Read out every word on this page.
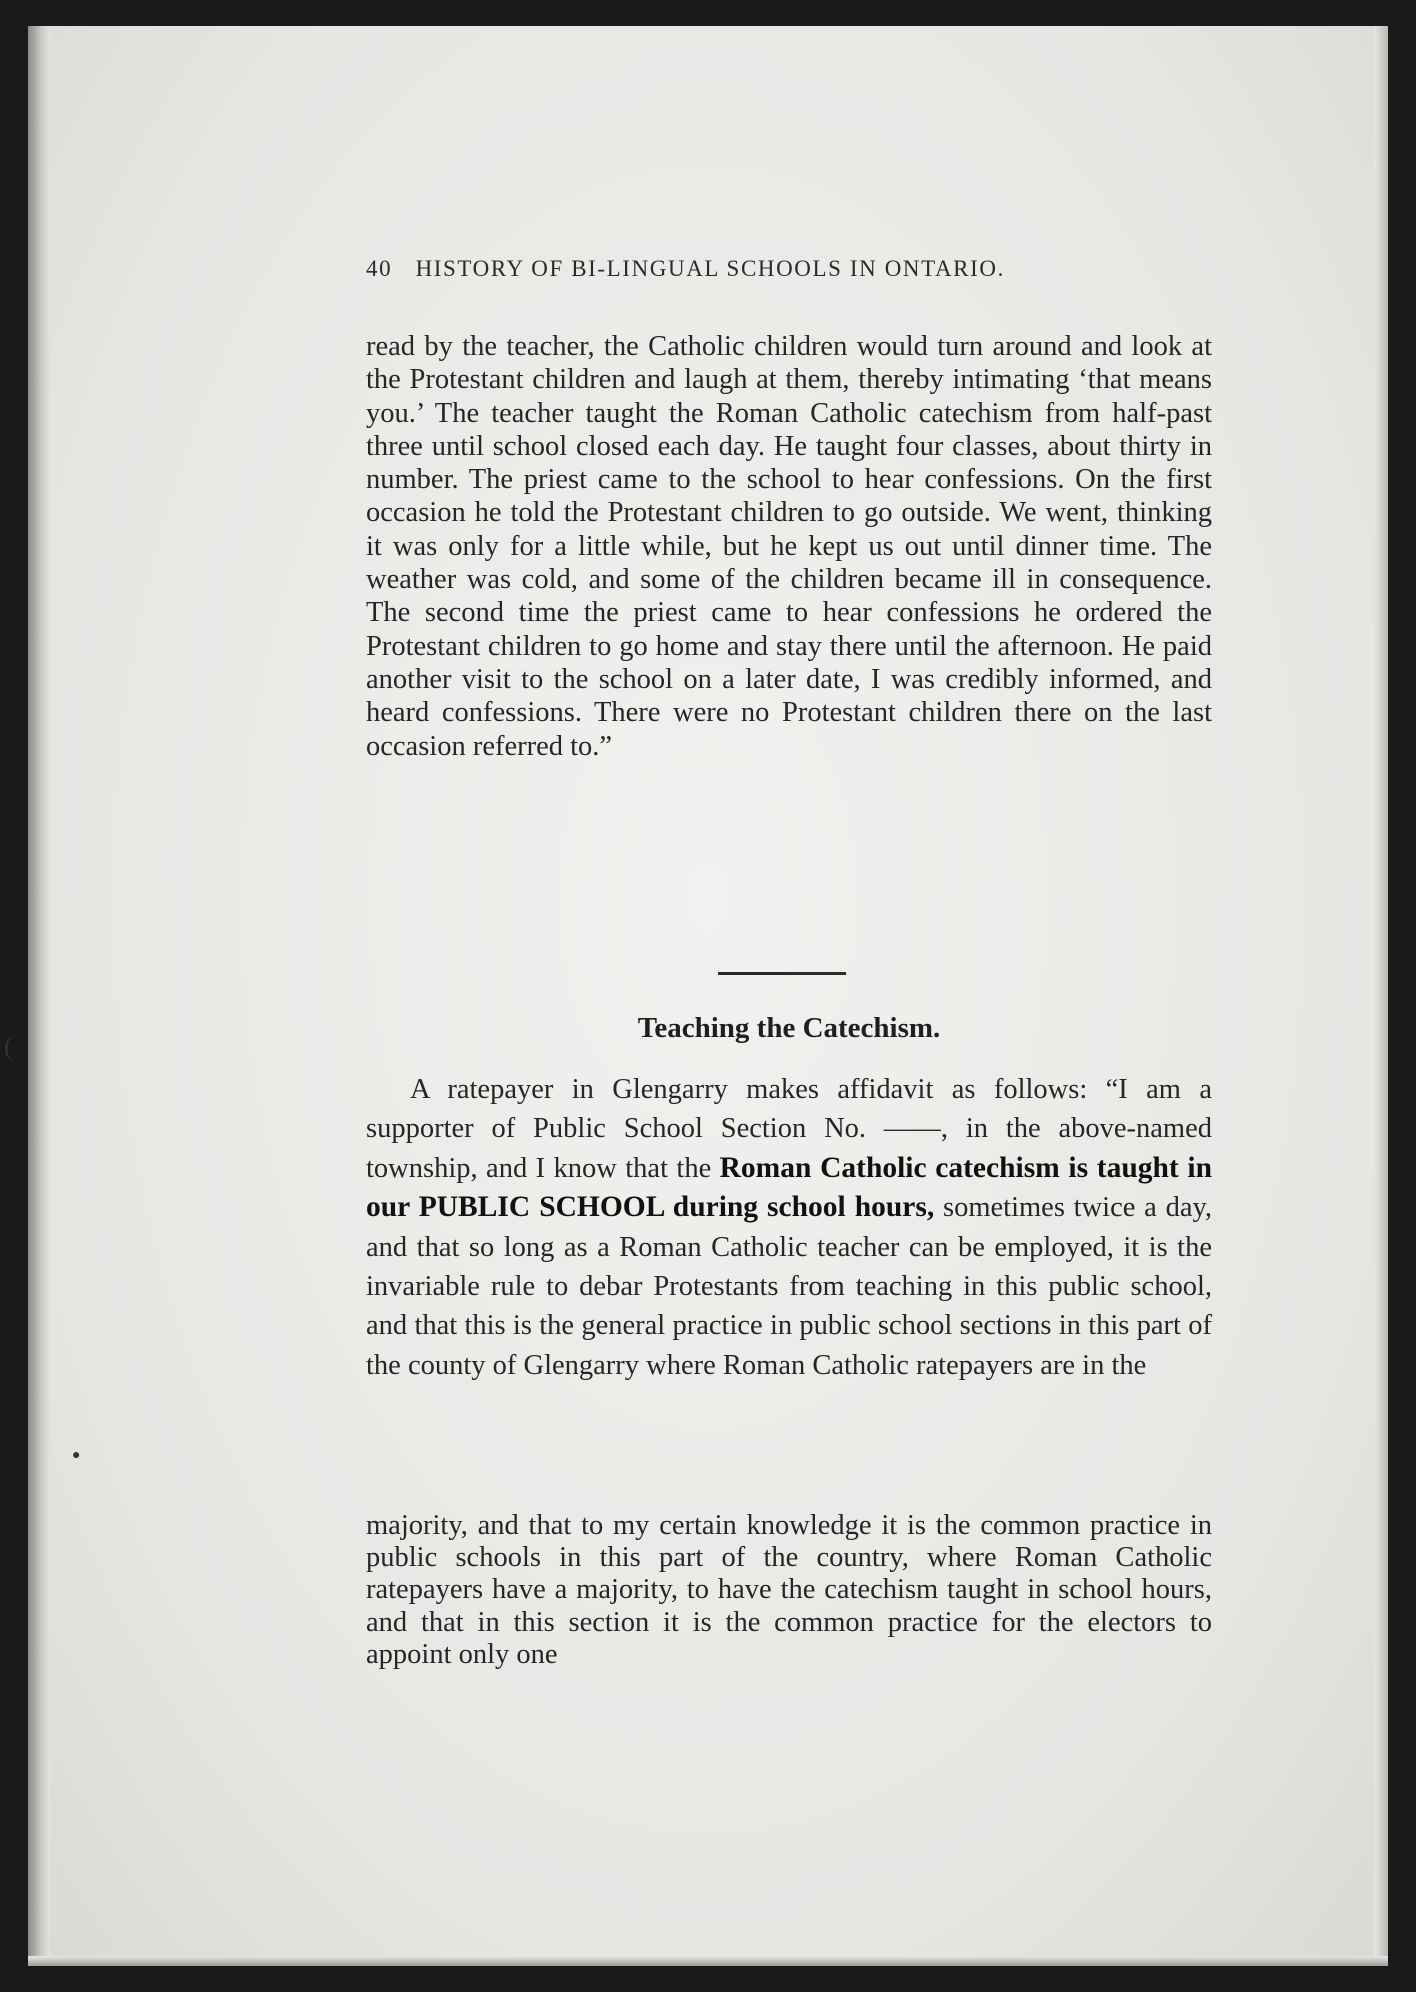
40 HISTORY OF BI-LINGUAL SCHOOLS IN ONTARIO.

read by the teacher, the Catholic children would turn around and look at the Protestant children and laugh at them, thereby intimating ‘that means you.’ The teacher taught the Roman Catholic catechism from half-past three until school closed each day. He taught four classes, about thirty in number. The priest came to the school to hear confessions. On the first occasion he told the Protestant children to go outside. We went, thinking it was only for a little while, but he kept us out until dinner time. The weather was cold, and some of the children became ill in consequence. The second time the priest came to hear confessions he ordered the Protestant children to go home and stay there until the afternoon. He paid another visit to the school on a later date, I was credibly informed, and heard confessions. There were no Protestant children there on the last occasion referred to.”

Teaching the Catechism.

A ratepayer in Glengarry makes affidavit as follows: “I am a supporter of Public School Section No. ——, in the above-named township, and I know that the Roman Catholic catechism is taught in our PUBLIC SCHOOL during school hours, sometimes twice a day, and that so long as a Roman Catholic teacher can be employed, it is the invariable rule to debar Protestants from teaching in this public school, and that this is the general practice in public school sections in this part of the county of Glengarry where Roman Catholic ratepayers are in the

majority, and that to my certain knowledge it is the common practice in public schools in this part of the country, where Roman Catholic ratepayers have a majority, to have the catechism taught in school hours, and that in this section it is the common practice for the electors to appoint only one

(
●
